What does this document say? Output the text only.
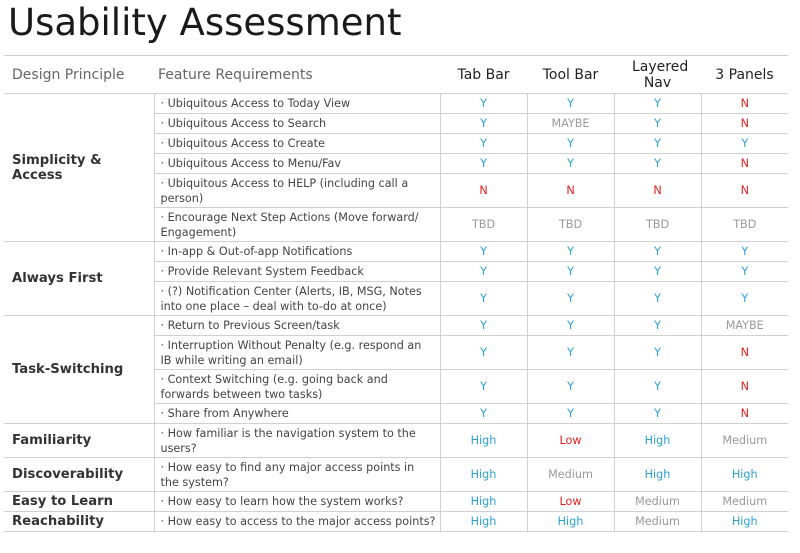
Usability Assessment
Design Principle	Feature Requirements	Tab Bar	Tool Bar	Layered Nav	3 Panels
Simplicity & Access	· Ubiquitous Access to Today View	Y	Y	Y	N
	· Ubiquitous Access to Search	Y	MAYBE	Y	N
	· Ubiquitous Access to Create	Y	Y	Y	Y
	· Ubiquitous Access to Menu/Fav	Y	Y	Y	N
	· Ubiquitous Access to HELP (including call a person)	N	N	N	N
	· Encourage Next Step Actions (Move forward/ Engagement)	TBD	TBD	TBD	TBD
Always First	· In-app & Out-of-app Notifications	Y	Y	Y	Y
	· Provide Relevant System Feedback	Y	Y	Y	Y
	· (?) Notification Center (Alerts, IB, MSG, Notes into one place – deal with to-do at once)	Y	Y	Y	Y
Task-Switching	· Return to Previous Screen/task	Y	Y	Y	MAYBE
	· Interruption Without Penalty (e.g. respond an IB while writing an email)	Y	Y	Y	N
	· Context Switching (e.g. going back and forwards between two tasks)	Y	Y	Y	N
	· Share from Anywhere	Y	Y	Y	N
Familiarity	· How familiar is the navigation system to the users?	High	Low	High	Medium
Discoverability	· How easy to find any major access points in the system?	High	Medium	High	High
Easy to Learn	· How easy to learn how the system works?	High	Low	Medium	Medium
Reachability	· How easy to access to the major access points?	High	High	Medium	High
